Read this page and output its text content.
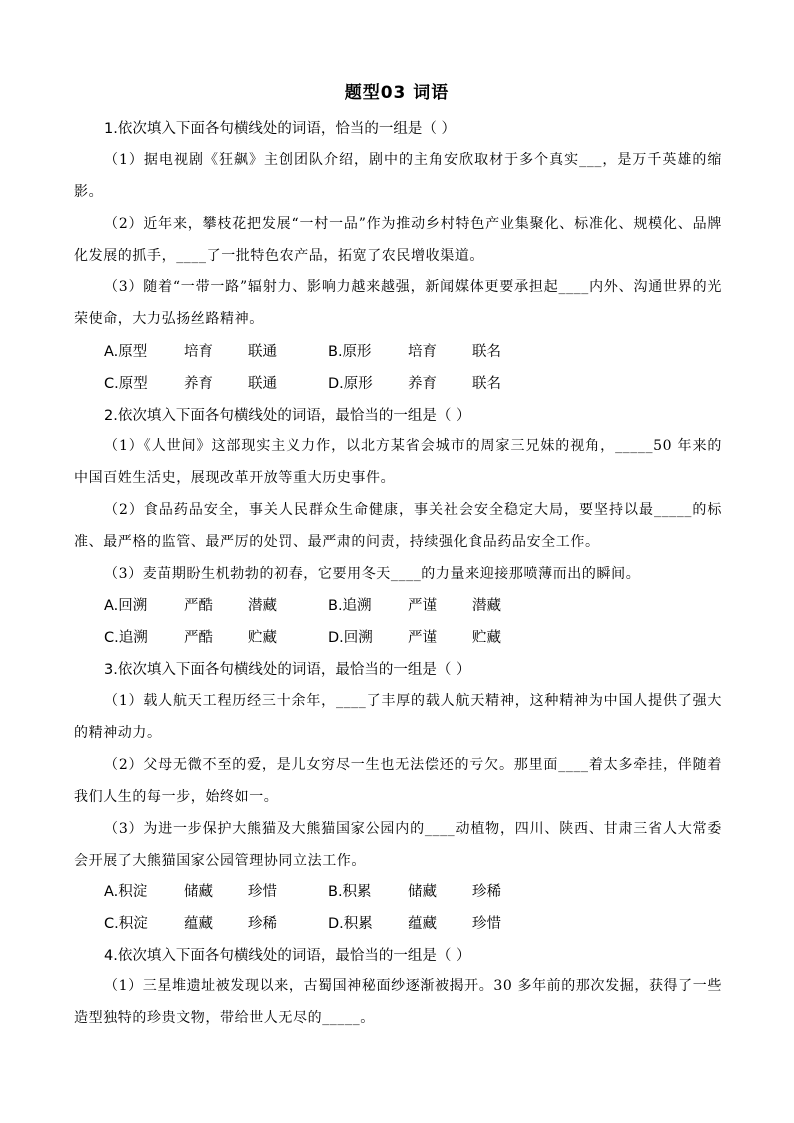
题型03 词语
1.依次填入下面各句横线处的词语，恰当的一组是（ ）
（1）据电视剧《狂飙》主创团队介绍，剧中的主角安欣取材于多个真实___，是万千英雄的缩影。
（2）近年来，攀枝花把发展“一村一品”作为推动乡村特色产业集聚化、标准化、规模化、品牌化发展的抓手，____了一批特色农产品，拓宽了农民增收渠道。
（3）随着“一带一路”辐射力、影响力越来越强，新闻媒体更要承担起____内外、沟通世界的光荣使命，大力弘扬丝路精神。
A.原型	培育 联通	B.原形	培育 联名
C.原型	养育 联通	D.原形 养育 联名
2.依次填入下面各句横线处的词语，最恰当的一组是（ ）
（1）《人世间》这部现实主义力作，以北方某省会城市的周家三兄妹的视角，_____50 年来的中国百姓生活史，展现改革开放等重大历史事件。
（2）食品药品安全，事关人民群众生命健康，事关社会安全稳定大局，要坚持以最_____的标准、最严格的监管、最严厉的处罚、最严肃的问责，持续强化食品药品安全工作。
（3）麦苗期盼生机勃勃的初春，它要用冬天____的力量来迎接那喷薄而出的瞬间。
A.回溯	严酷 潜藏	B.追溯	严谨 潜藏
C.追溯	严酷 贮藏	D.回溯 严谨 贮藏
3.依次填入下面各句横线处的词语，最恰当的一组是（ ）
（1）载人航天工程历经三十余年，____了丰厚的载人航天精神，这种精神为中国人提供了强大的精神动力。
（2）父母无微不至的爱，是儿女穷尽一生也无法偿还的亏欠。那里面____着太多牵挂，伴随着我们人生的每一步，始终如一。
（3）为进一步保护大熊猫及大熊猫国家公园内的____动植物，四川、陕西、甘肃三省人大常委会开展了大熊猫国家公园管理协同立法工作。
A.积淀	储藏 珍惜	B.积累	储藏 珍稀
C.积淀	蕴藏 珍稀	D.积累 蕴藏 珍惜
4.依次填入下面各句横线处的词语，最恰当的一组是（ ）
（1）三星堆遗址被发现以来，古蜀国神秘面纱逐渐被揭开。30 多年前的那次发掘，获得了一些造型独特的珍贵文物，带给世人无尽的_____。
